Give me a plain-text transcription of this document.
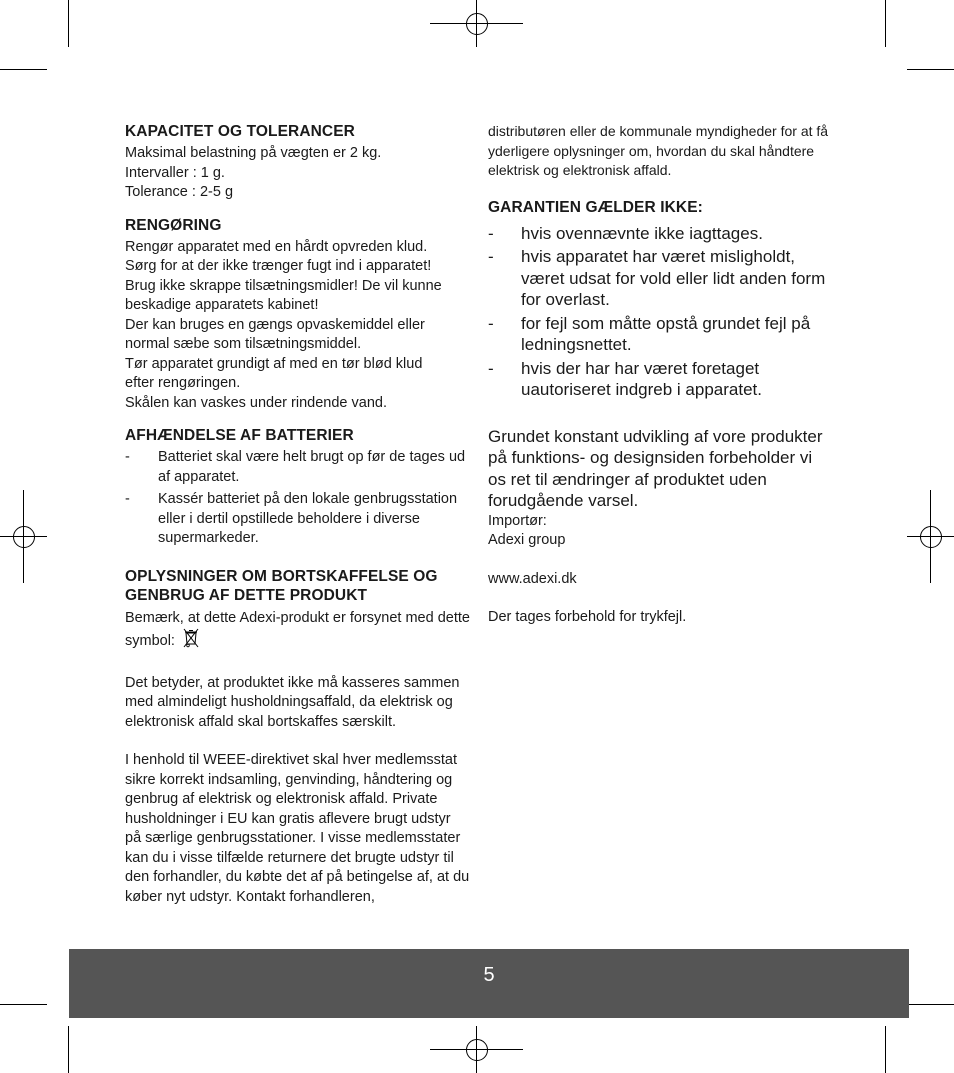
KAPACITET OG TOLERANCER

Maksimal belastning på vægten er 2 kg.

Intervaller : 1 g.

Tolerance : 2-5 g

RENGØRING

Rengør apparatet med en hårdt opvreden klud.

Sørg for at der ikke trænger fugt ind i apparatet!

Brug ikke skrappe tilsætningsmidler! De vil kunne

beskadige apparatets kabinet!

Der kan bruges en gængs opvaskemiddel eller

normal sæbe som tilsætningsmiddel.

Tør apparatet grundigt af med en tør blød klud

efter rengøringen.

Skålen kan vaskes under rindende vand.

AFHÆNDELSE AF BATTERIER
-	Batteriet skal være helt brugt op før de tages ud af apparatet.
-	Kassér batteriet på den lokale genbrugsstation eller i dertil opstillede beholdere i diverse supermarkeder.
OPLYSNINGER OM BORTSKAFFELSE OG
GENBRUG AF DETTE PRODUKT

Bemærk, at dette Adexi-produkt er forsynet med dette symbol:

Det betyder, at produktet ikke må kasseres sammen med almindeligt husholdningsaffald, da elektrisk og elektronisk affald skal bortskaffes særskilt.

I henhold til WEEE-direktivet skal hver medlemsstat sikre korrekt indsamling, genvinding, håndtering og genbrug af elektrisk og elektronisk affald. Private husholdninger i EU kan gratis aflevere brugt udstyr på særlige genbrugsstationer. I visse medlemsstater kan du i visse tilfælde returnere det brugte udstyr til den forhandler, du købte det af på betingelse af, at du køber nyt udstyr. Kontakt forhandleren,

distributøren eller de kommunale myndigheder for at få yderligere oplysninger om, hvordan du skal håndtere elektrisk og elektronisk affald.

GARANTIEN GÆLDER IKKE:
-	hvis ovennævnte ikke iagttages.
-	hvis apparatet har været misligholdt, været udsat for vold eller lidt anden form for overlast.
-	for fejl som måtte opstå grundet fejl på ledningsnettet.
-	hvis der har har været foretaget uautoriseret indgreb i apparatet.

Grundet konstant udvikling af vore produkter på funktions- og designsiden forbeholder vi os ret til ændringer af produktet uden forudgående varsel.

Importør:

Adexi group

www.adexi.dk

Der tages forbehold for trykfejl.

5
